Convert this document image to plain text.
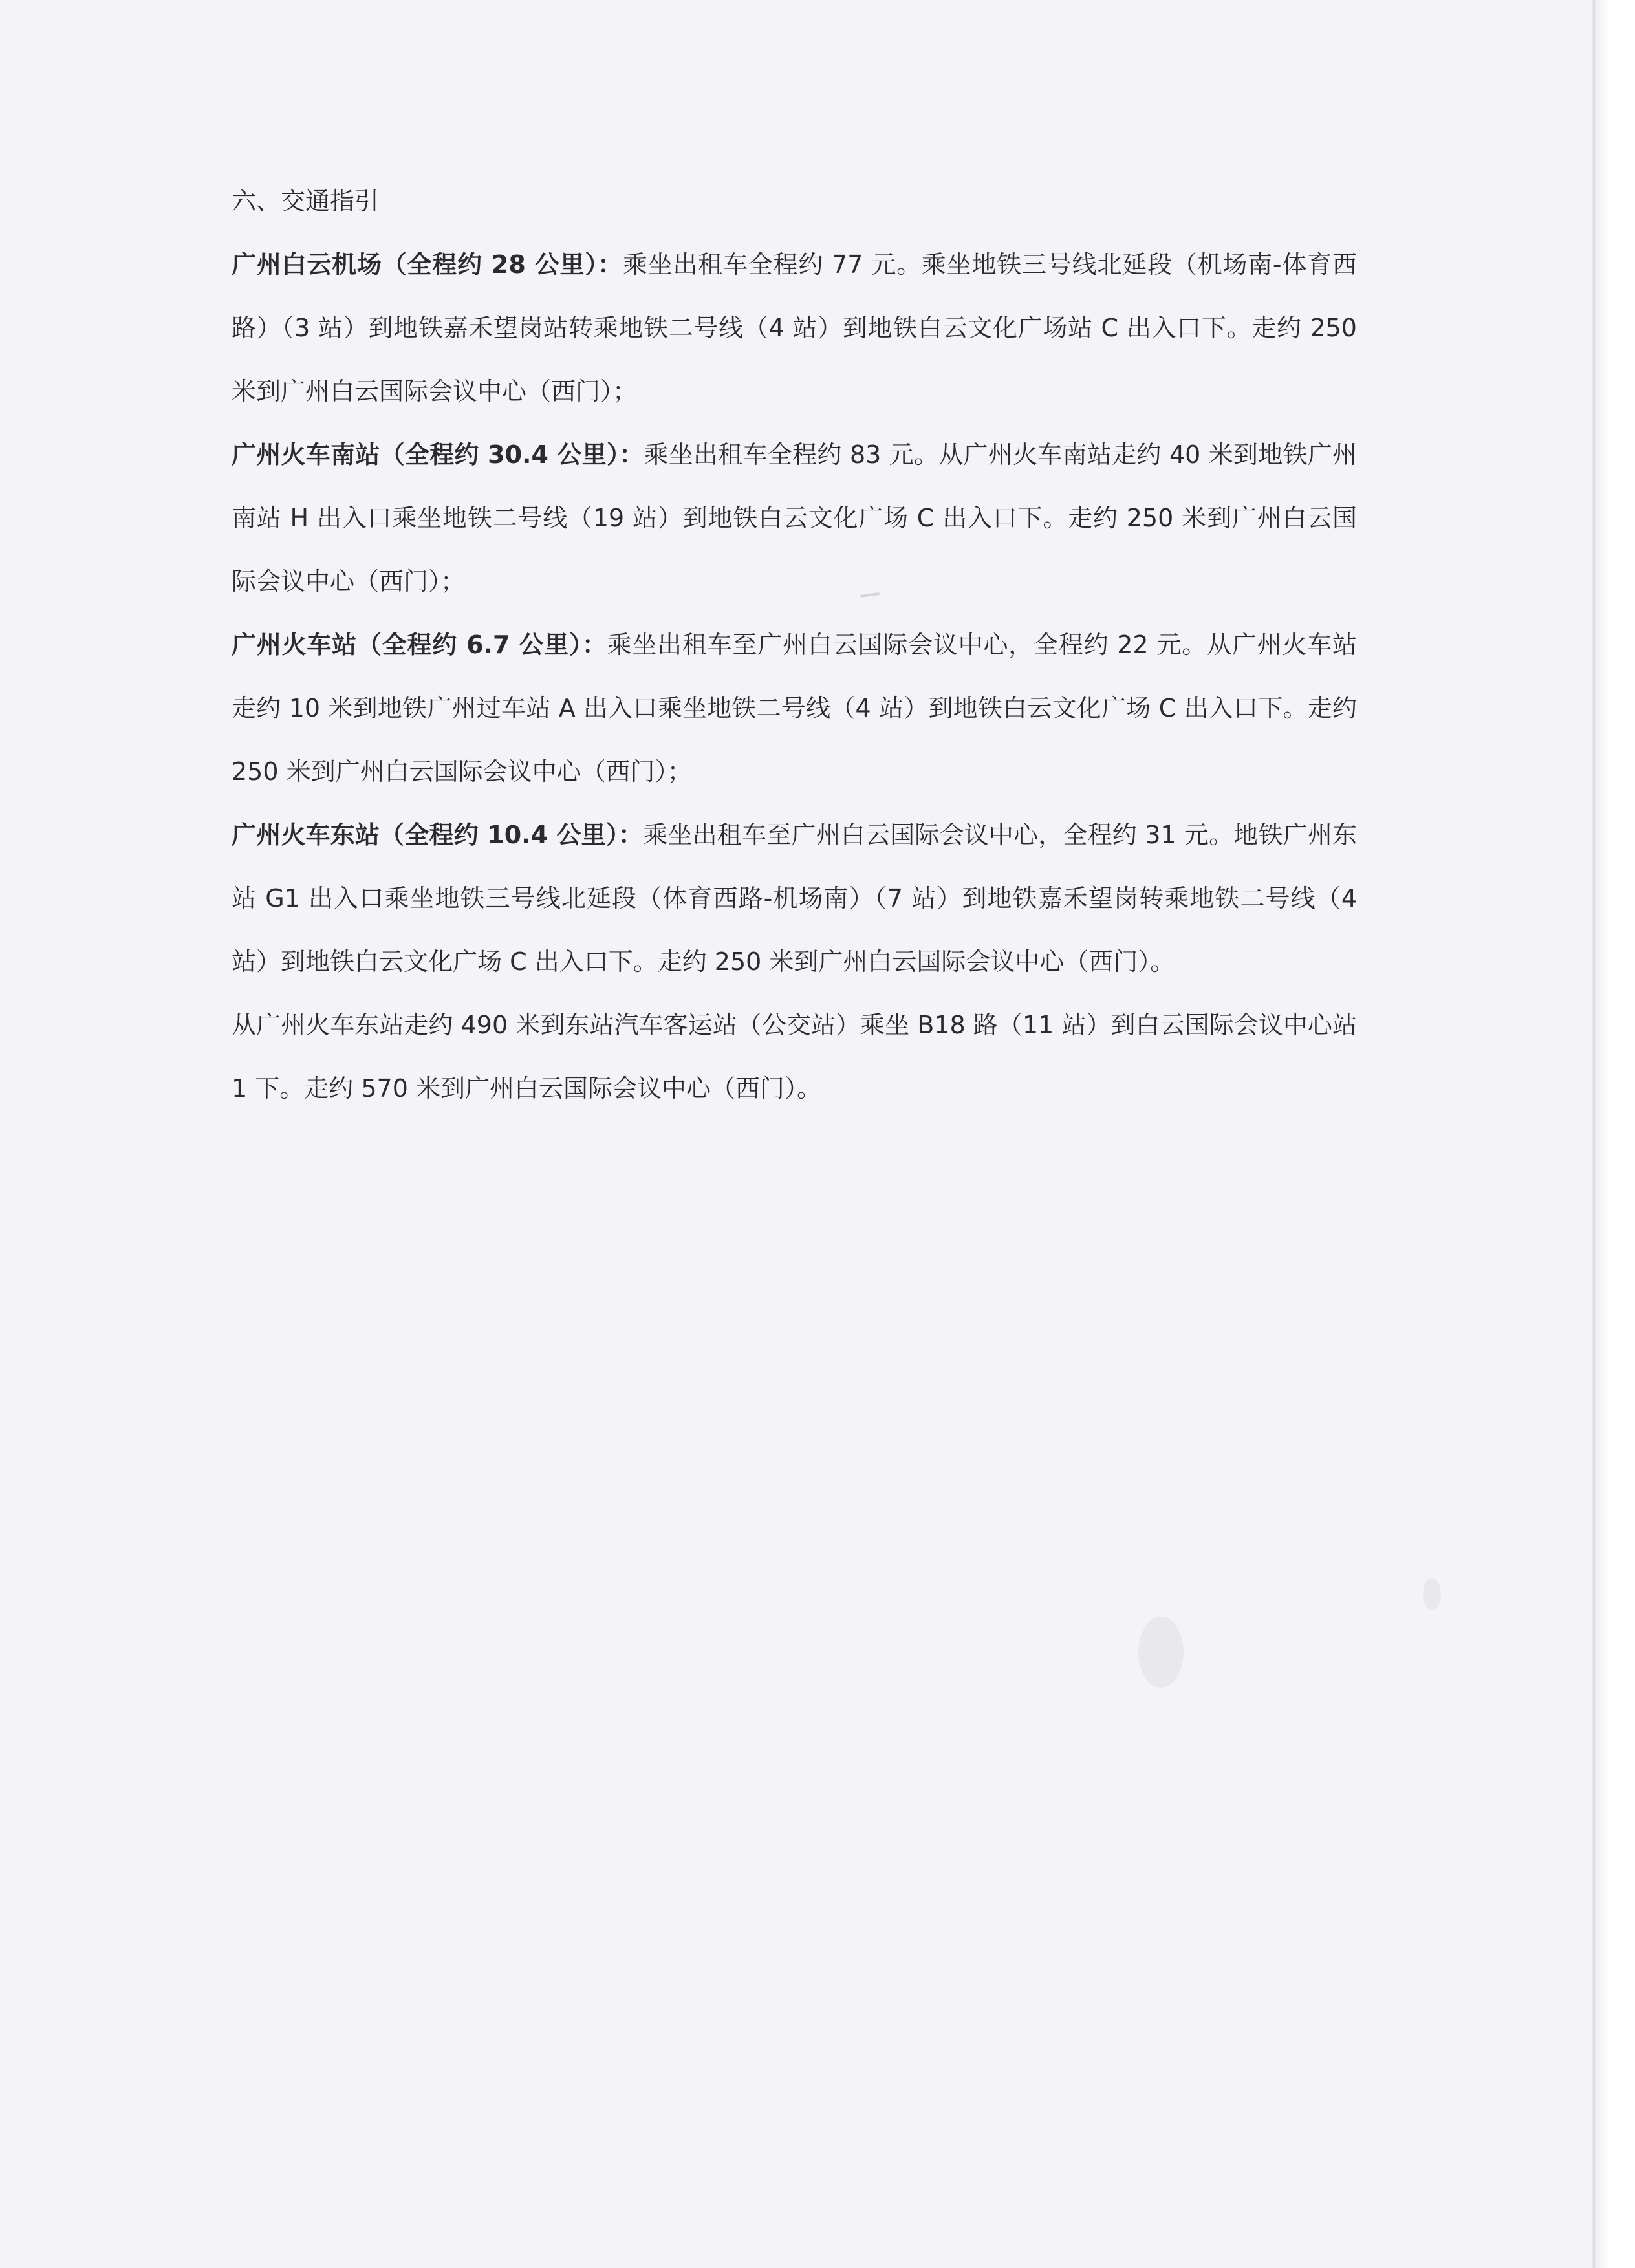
六、交通指引

广州白云机场（全程约 28 公里）：乘坐出租车全程约 77 元。乘坐地铁三号线北延段（机场南-体育西路）（3 站）到地铁嘉禾望岗站转乘地铁二号线（4 站）到地铁白云文化广场站 C 出入口下。走约 250 米到广州白云国际会议中心（西门）；

广州火车南站（全程约 30.4 公里）：乘坐出租车全程约 83 元。从广州火车南站走约 40 米到地铁广州南站 H 出入口乘坐地铁二号线（19 站）到地铁白云文化广场 C 出入口下。走约 250 米到广州白云国际会议中心（西门）；

广州火车站（全程约 6.7 公里）：乘坐出租车至广州白云国际会议中心，全程约 22 元。从广州火车站走约 10 米到地铁广州过车站 A 出入口乘坐地铁二号线（4 站）到地铁白云文化广场 C 出入口下。走约 250 米到广州白云国际会议中心（西门）；

广州火车东站（全程约 10.4 公里）：乘坐出租车至广州白云国际会议中心，全程约 31 元。地铁广州东站 G1 出入口乘坐地铁三号线北延段（体育西路-机场南）（7 站）到地铁嘉禾望岗转乘地铁二号线（4 站）到地铁白云文化广场 C 出入口下。走约 250 米到广州白云国际会议中心（西门）。

从广州火车东站走约 490 米到东站汽车客运站（公交站）乘坐 B18 路（11 站）到白云国际会议中心站 1 下。走约 570 米到广州白云国际会议中心（西门）。
